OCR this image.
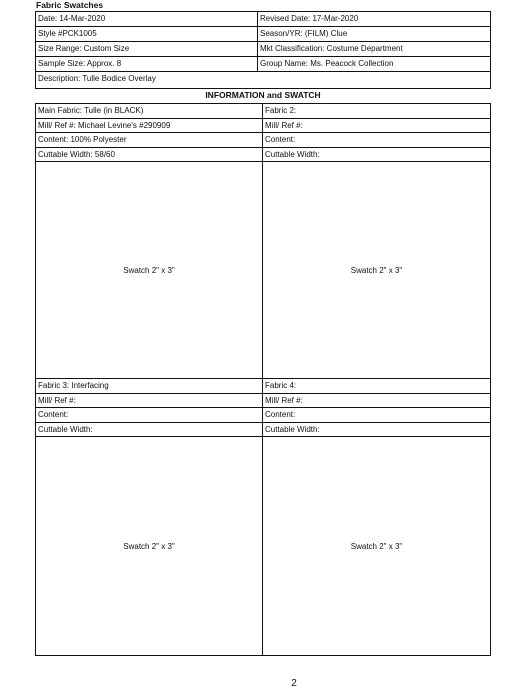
Fabric Swatches
Date: 14-Mar-2020	Revised Date: 17-Mar-2020
Style #PCK1005	Season/YR: (FILM) Clue
Size Range: Custom Size	Mkt Classification: Costume Department
Sample Size: Approx. 8	Group Name: Ms. Peacock Collection
Description: Tulle Bodice Overlay
INFORMATION and SWATCH
Main Fabric: Tulle (in BLACK)
Mill/ Ref #: Michael Levine's #290909
Content: 100% Polyester
Cuttable Width: 58/60
Swatch 2" x 3"
Fabric 2:
Mill/ Ref #:
Content:
Cuttable Width:
Swatch 2" x 3"
Fabric 3: Interfacing
Mill/ Ref #:
Content:
Cuttable Width:
Swatch 2" x 3"
Fabric 4:
Mill/ Ref #:
Content:
Cuttable Width:
Swatch 2" x 3"
2
